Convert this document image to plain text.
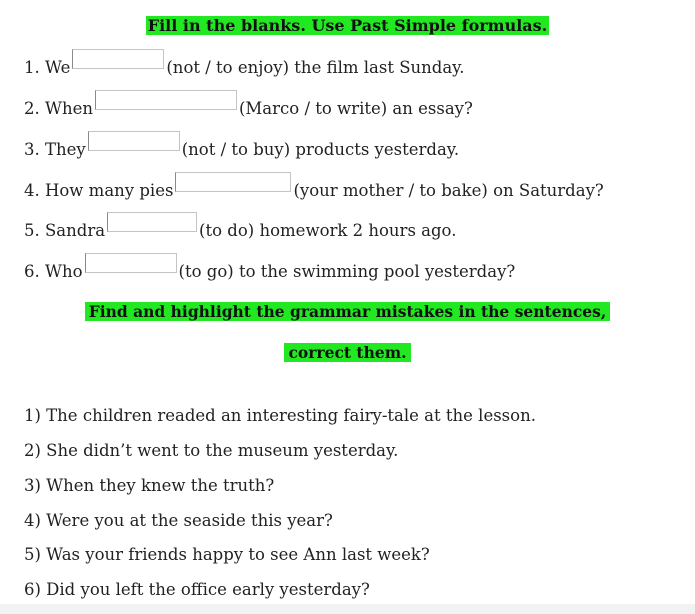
Fill in the blanks. Use Past Simple formulas.
1. We	(not / to enjoy) the film last Sunday.
2. When	(Marco / to write) an essay?
3. They	(not / to buy) products yesterday.
4. How many pies	(your mother / to bake) on Saturday?
5. Sandra	(to do) homework 2 hours ago.
6. Who	(to go) to the swimming pool yesterday?
Find and highlight the grammar mistakes in the sentences,
correct them.
1) The children readed an interesting fairy-tale at the lesson.
2) She didn’t went to the museum yesterday.
3) When they knew the truth?
4) Were you at the seaside this year?
5) Was your friends happy to see Ann last week?
6) Did you left the office early yesterday?
